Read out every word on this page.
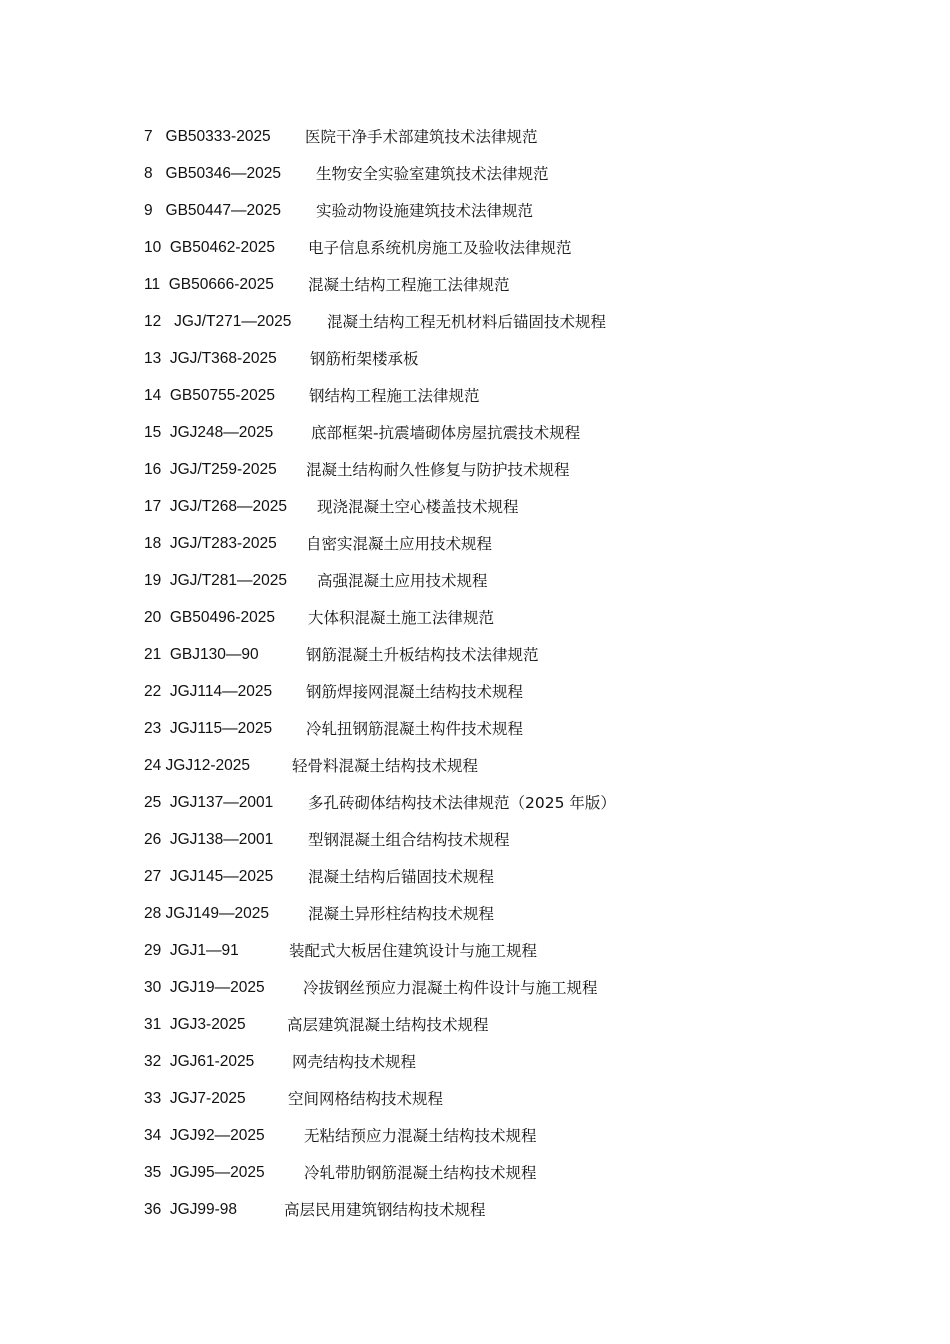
7   GB50333-2025	医院干净手术部建筑技术法律规范
8   GB50346—2025	生物安全实验室建筑技术法律规范
9   GB50447—2025	实验动物设施建筑技术法律规范
10  GB50462-2025	电子信息系统机房施工及验收法律规范
11  GB50666-2025	混凝土结构工程施工法律规范
12   JGJ/T271—2025	混凝土结构工程无机材料后锚固技术规程
13  JGJ/T368-2025	钢筋桁架楼承板
14  GB50755-2025	钢结构工程施工法律规范
15  JGJ248—2025	底部框架-抗震墙砌体房屋抗震技术规程
16  JGJ/T259-2025	混凝土结构耐久性修复与防护技术规程
17  JGJ/T268—2025	现浇混凝土空心楼盖技术规程
18  JGJ/T283-2025	自密实混凝土应用技术规程
19  JGJ/T281—2025	高强混凝土应用技术规程
20  GB50496-2025	大体积混凝土施工法律规范
21  GBJ130—90	钢筋混凝土升板结构技术法律规范
22  JGJ114—2025	钢筋焊接网混凝土结构技术规程
23  JGJ115—2025	冷轧扭钢筋混凝土构件技术规程
24 JGJ12-2025	轻骨料混凝土结构技术规程
25  JGJ137—2001	多孔砖砌体结构技术法律规范（2025 年版）
26  JGJ138—2001	型钢混凝土组合结构技术规程
27  JGJ145—2025	混凝土结构后锚固技术规程
28 JGJ149—2025	混凝土异形柱结构技术规程
29  JGJ1—91	装配式大板居住建筑设计与施工规程
30  JGJ19—2025	冷拔钢丝预应力混凝土构件设计与施工规程
31  JGJ3-2025	高层建筑混凝土结构技术规程
32  JGJ61-2025	网壳结构技术规程
33  JGJ7-2025	空间网格结构技术规程
34  JGJ92—2025	无粘结预应力混凝土结构技术规程
35  JGJ95—2025	冷轧带肋钢筋混凝土结构技术规程
36  JGJ99-98	高层民用建筑钢结构技术规程
